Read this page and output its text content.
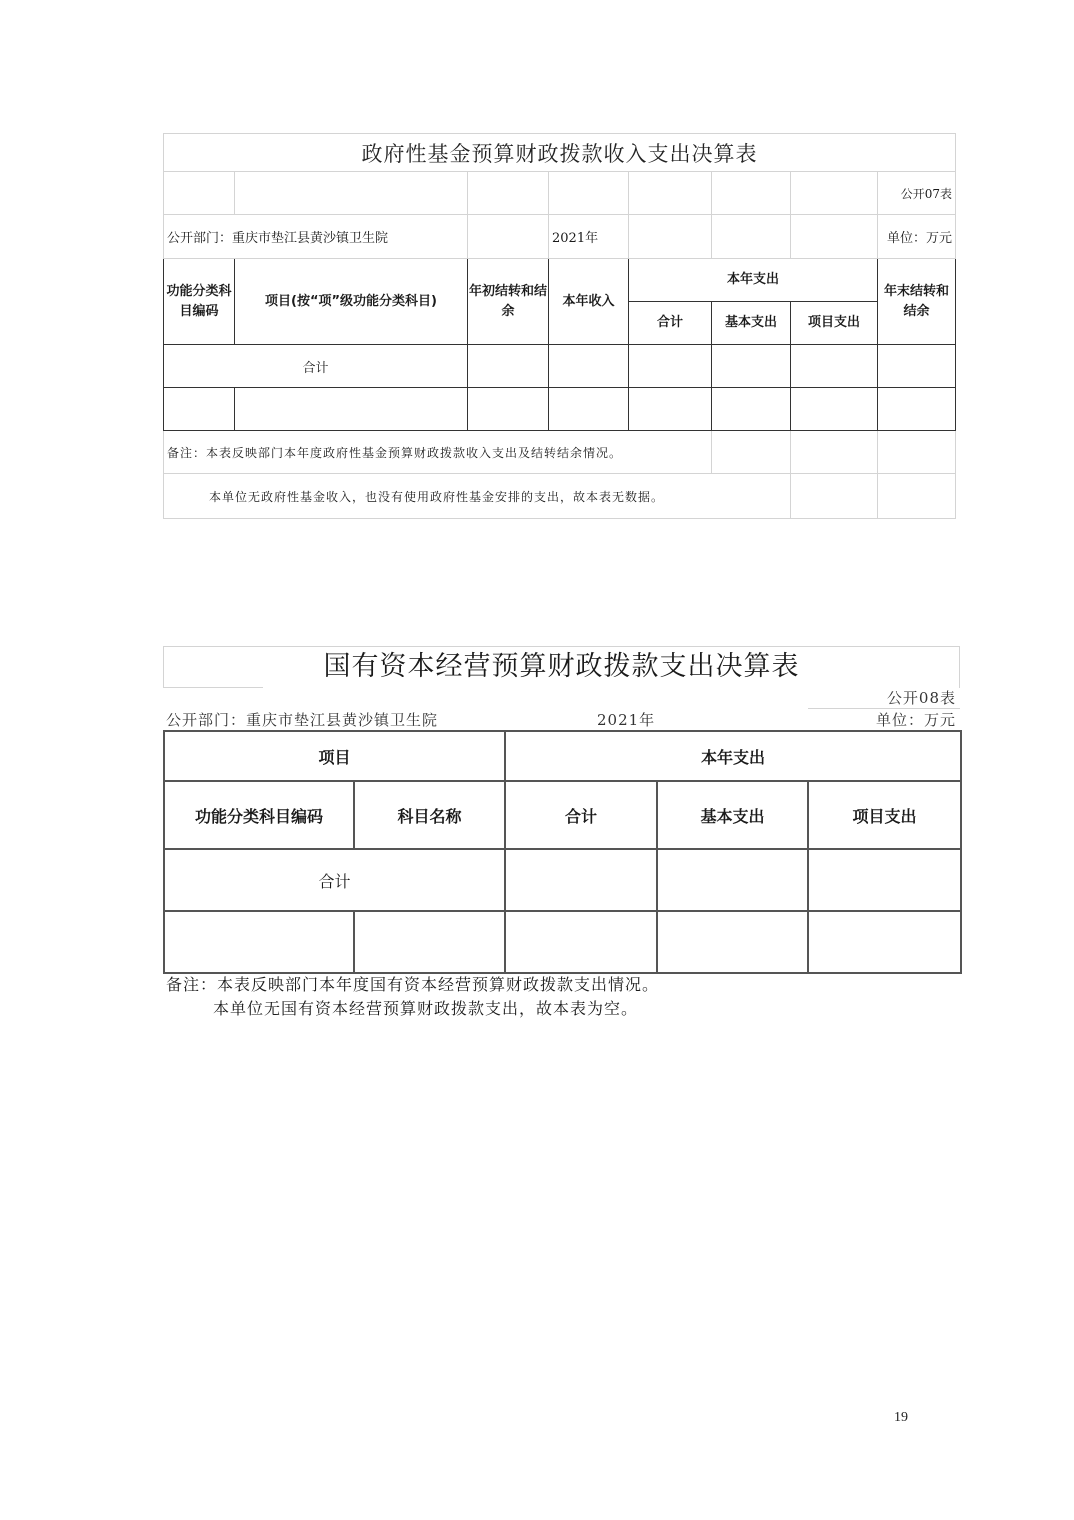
政府性基金预算财政拨款收入支出决算表							
							公开07表
公开部门：重庆市垫江县黄沙镇卫生院			2021年				单位：万元
功能分类科目编码	项目(按“项”级功能分类科目)	年初结转和结余	本年收入	本年支出			年末结转和结余
				合计	基本支出	项目支出	
合计							

备注：本表反映部门本年度政府性基金预算财政拨款收入支出及结转结余情况。							
本单位无政府性基金收入，也没有使用政府性基金安排的支出，故本表无数据。							
国有资本经营预算财政拨款支出决算表
公开08表
公开部门：重庆市垫江县黄沙镇卫生院	2021年	单位：万元
项目		本年支出		
功能分类科目编码	科目名称	合计	基本支出	项目支出
合计				

备注：本表反映部门本年度国有资本经营预算财政拨款支出情况。
本单位无国有资本经营预算财政拨款支出，故本表为空。
19
